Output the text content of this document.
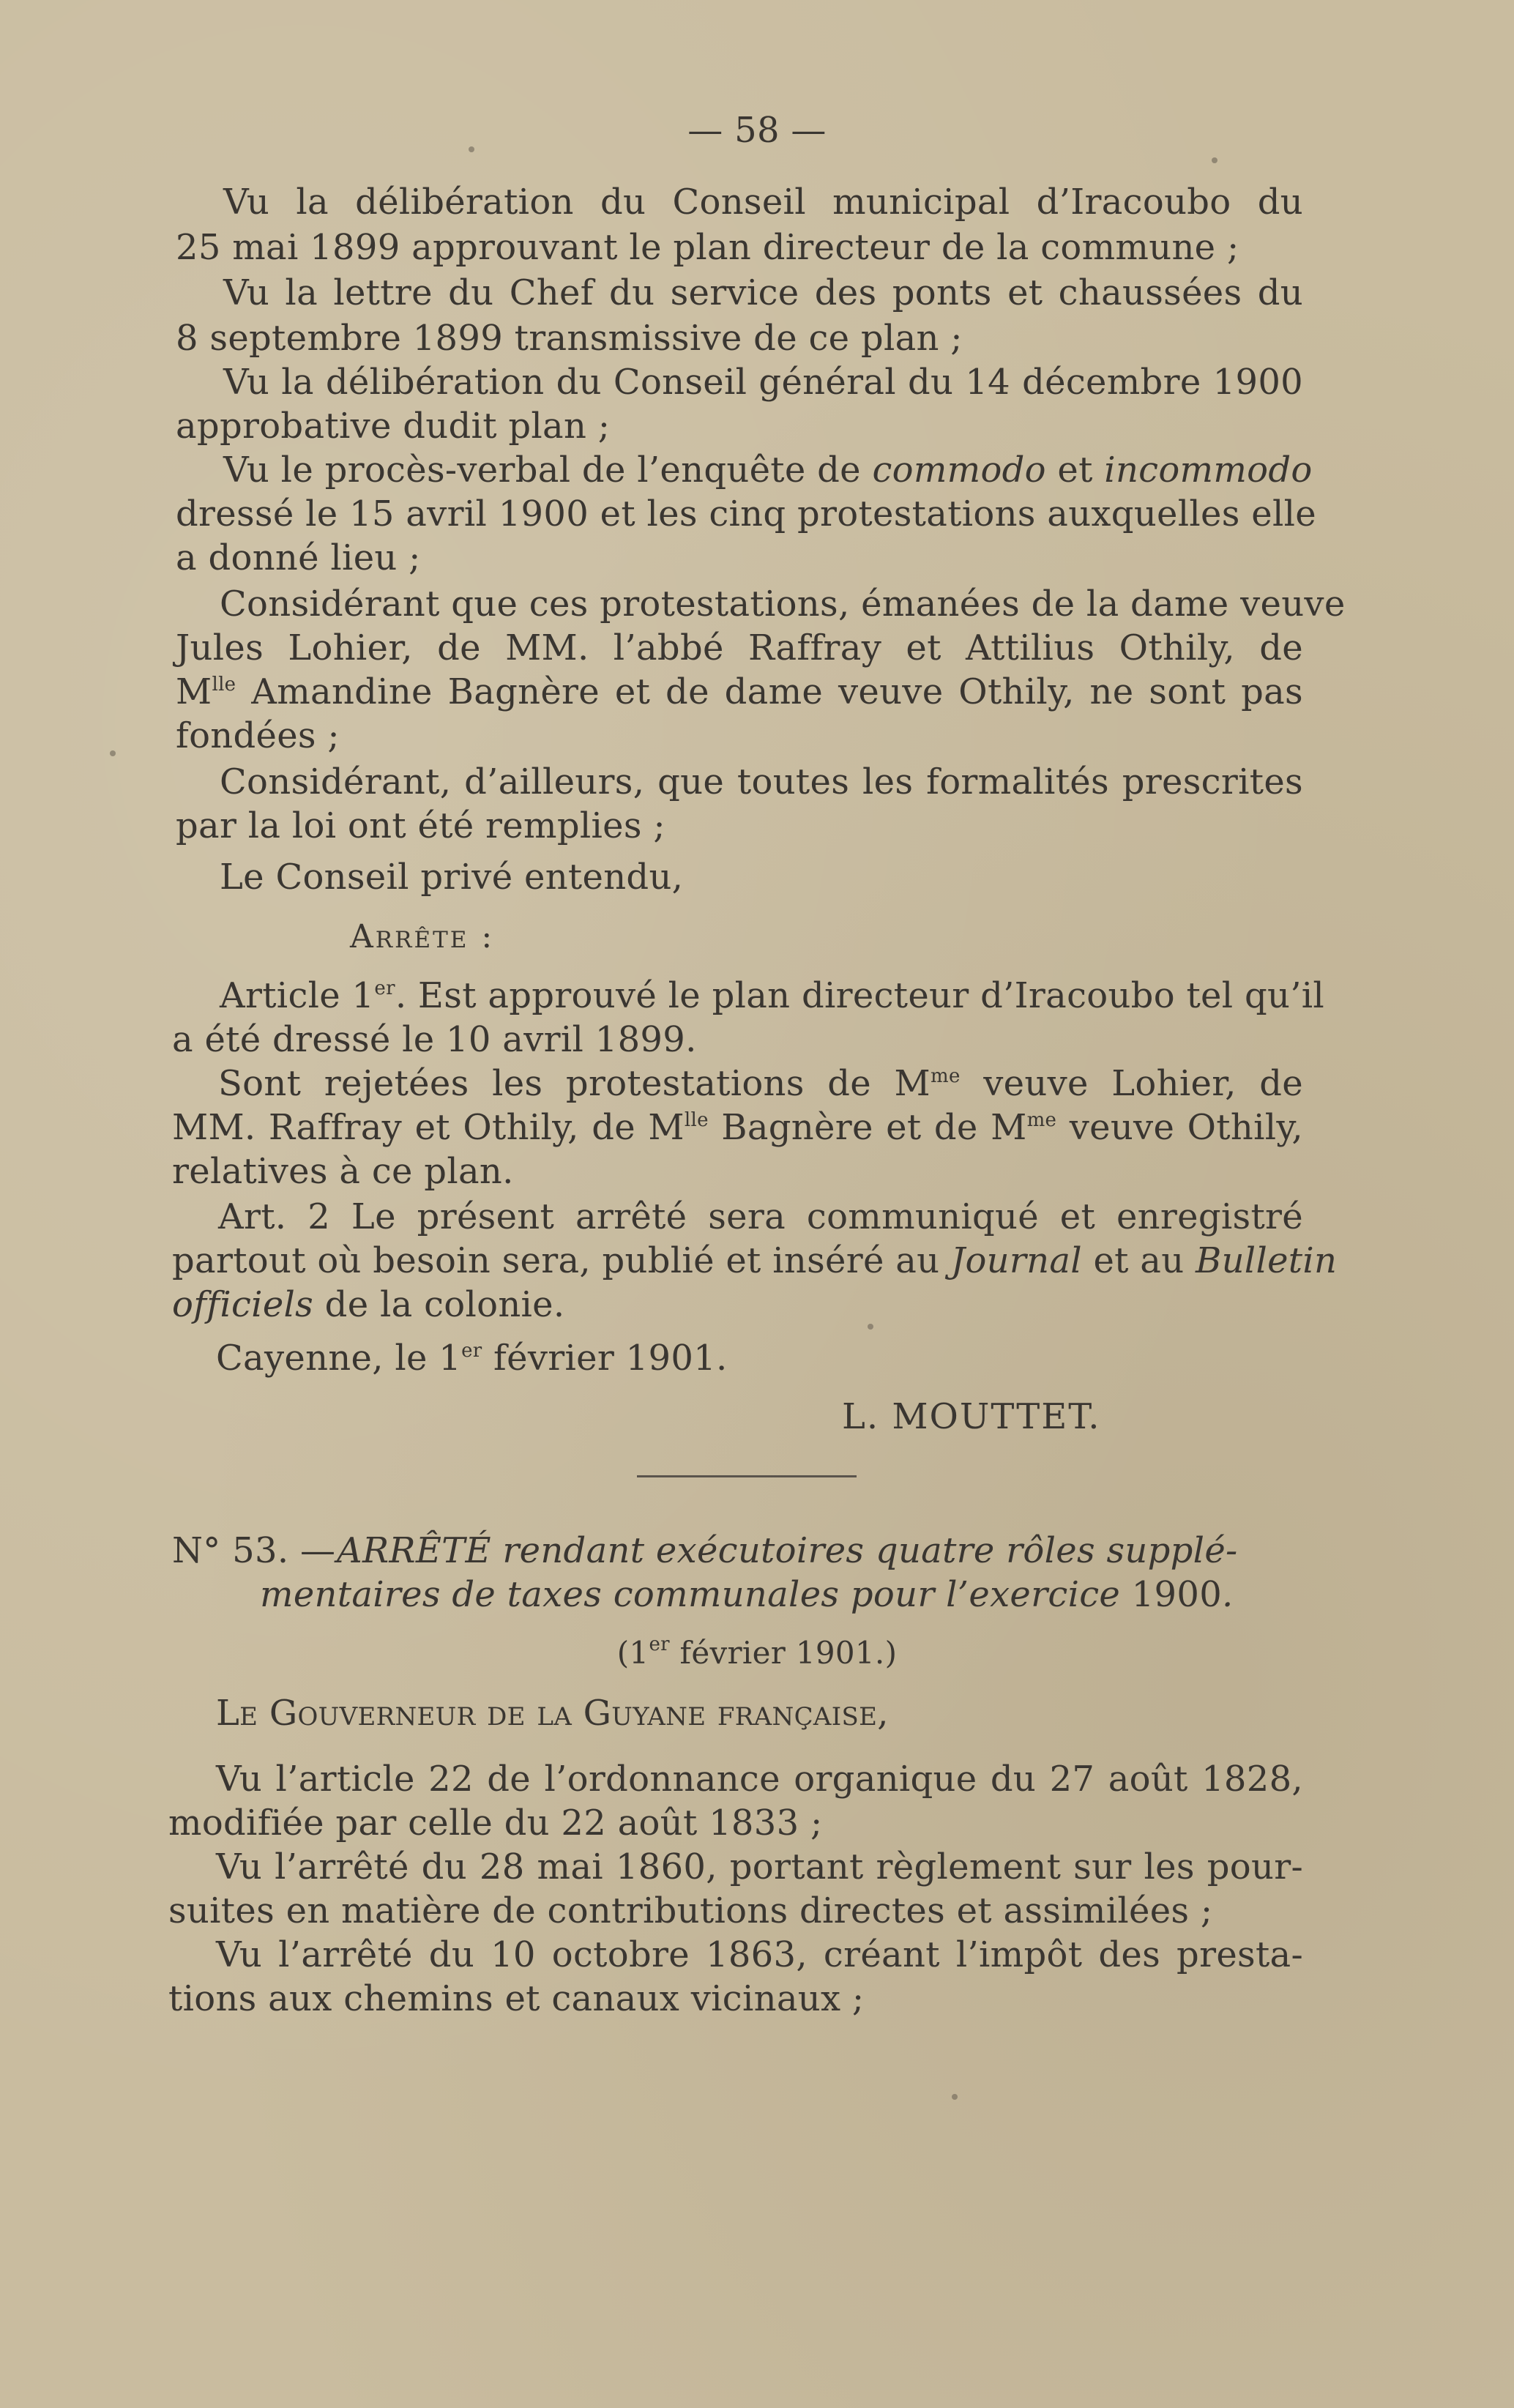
— 58 —
Vu la délibération du Conseil municipal d’Iracoubo du
25 mai 1899 approuvant le plan directeur de la commune ;
Vu la lettre du Chef du service des ponts et chaussées du
8 septembre 1899 transmissive de ce plan ;
Vu la délibération du Conseil général du 14 décembre 1900
approbative dudit plan ;
Vu le procès-verbal de l’enquête de commodo et incommodo
dressé le 15 avril 1900 et les cinq protestations auxquelles elle
a donné lieu ;
Considérant que ces protestations, émanées de la dame veuve
Jules Lohier, de MM. l’abbé Raffray et Attilius Othily, de
$M^{lle}$ Amandine Bagnère et de dame veuve Othily, ne sont pas
fondées ;
Considérant, d’ailleurs, que toutes les formalités prescrites
par la loi ont été remplies ;
Le Conseil privé entendu,
Arrête :
Article 1er. Est approuvé le plan directeur d’Iracoubo tel qu’il
a été dressé le 10 avril 1899.
Sont rejetées les protestations de $M^{me}$ veuve Lohier, de
MM. Raffray et Othily, de $M^{lle}$ Bagnère et de $M^{me}$ veuve Othily,
relatives à ce plan.
Art. 2 Le présent arrêté sera communiqué et enregistré
partout où besoin sera, publié et inséré au Journal et au Bulletin
officiels de la colonie.
Cayenne, le 1er février 1901.
L. MOUTTET.
N° 53. — ARRÊTÉ rendant exécutoires quatre rôles supplé-
mentaires de taxes communales pour l’exercice 1900.
(1er février 1901.)
Le Gouverneur de la Guyane française,
Vu l’article 22 de l’ordonnance organique du 27 août 1828,
modifiée par celle du 22 août 1833 ;
Vu l’arrêté du 28 mai 1860, portant règlement sur les pour-
suites en matière de contributions directes et assimilées ;
Vu l’arrêté du 10 octobre 1863, créant l’impôt des presta-
tions aux chemins et canaux vicinaux ;
